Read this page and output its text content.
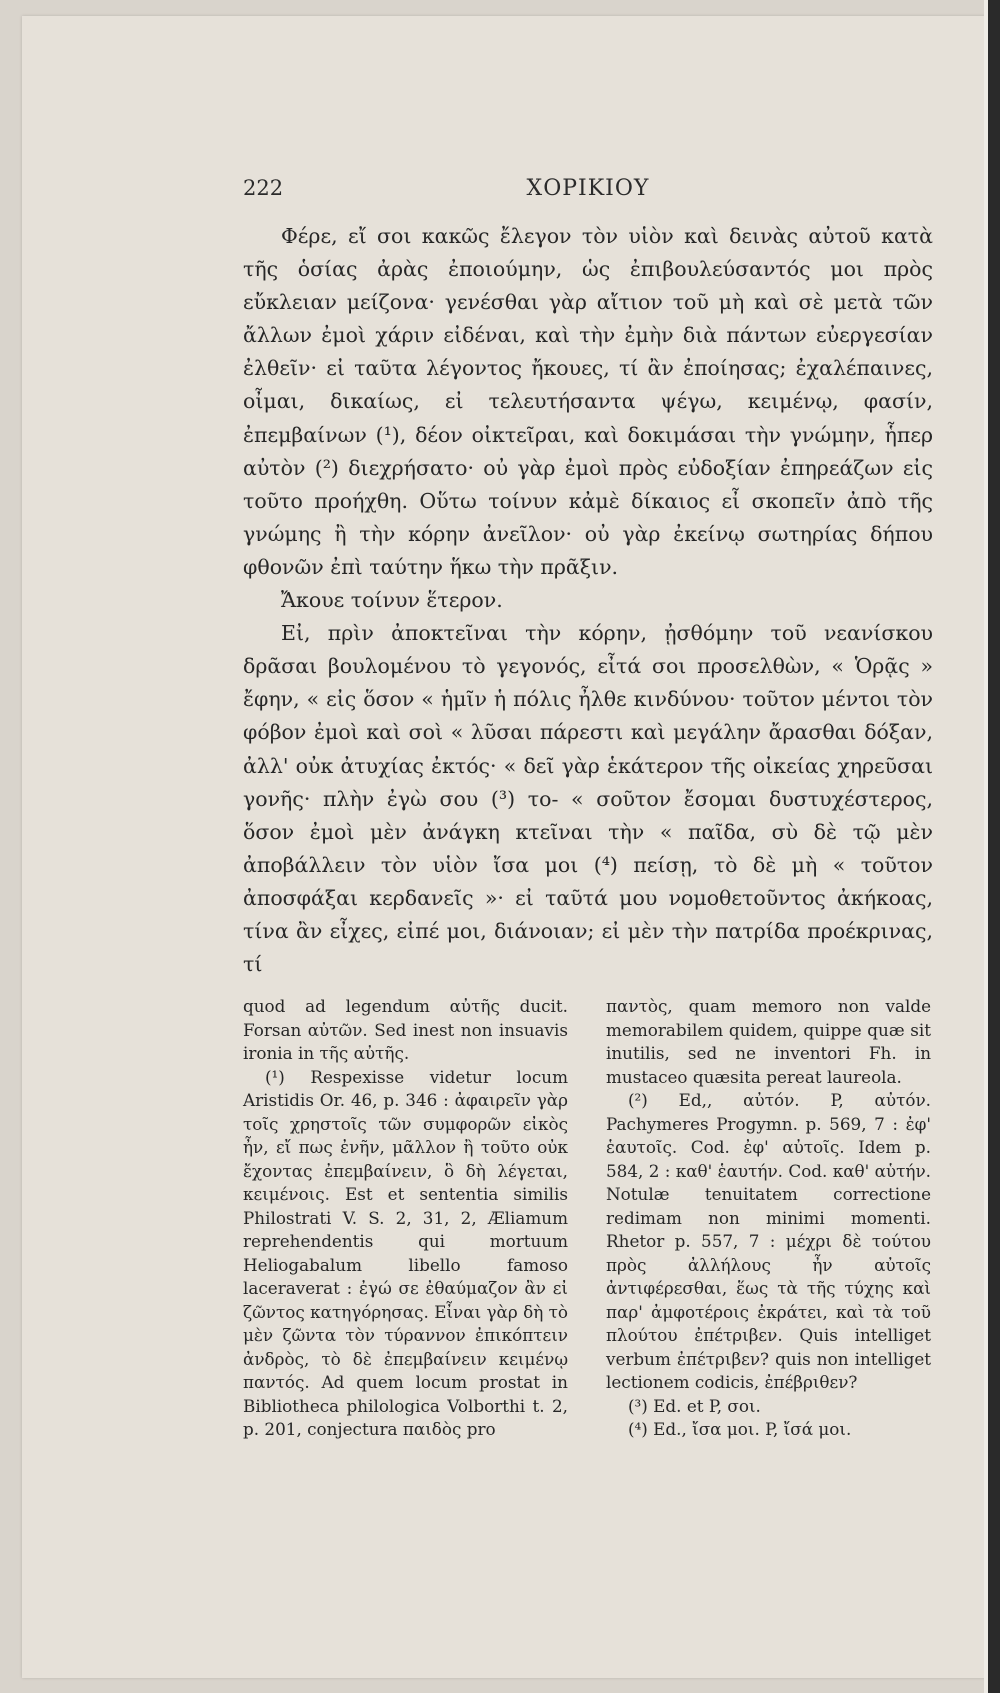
ΧΟΡΙΚΙΟΥ
222

Φέρε, εἴ σοι κακῶς ἔλεγον τὸν υἱὸν καὶ δεινὰς αὐτοῦ κατὰ τῆς ὁσίας ἀρὰς ἐποιούμην, ὡς ἐπιβουλεύσαντός μοι πρὸς εὔκλειαν μείζονα· γενέσθαι γὰρ αἴτιον τοῦ μὴ καὶ σὲ μετὰ τῶν ἄλλων ἐμοὶ χάριν εἰδέναι, καὶ τὴν ἐμὴν διὰ πάντων εὐεργεσίαν ἐλθεῖν· εἰ ταῦτα λέγοντος ἤκουες, τί ἂν ἐποίησας; ἐχαλέπαινες, οἶμαι, δικαίως, εἰ τελευτήσαντα ψέγω, κειμένῳ, φασίν, ἐπεμβαίνων (¹), δέον οἰκτεῖραι, καὶ δοκιμάσαι τὴν γνώμην, ἧπερ αὐτὸν (²) διεχρήσατο· οὐ γὰρ ἐμοὶ πρὸς εὐδοξίαν ἐπηρεάζων εἰς τοῦτο προήχθη. Οὕτω τοίνυν κἀμὲ δίκαιος εἶ σκοπεῖν ἀπὸ τῆς γνώμης ἢ τὴν κόρην ἀνεῖλον· οὐ γὰρ ἐκείνῳ σωτηρίας δήπου φθονῶν ἐπὶ ταύτην ἥκω τὴν πρᾶξιν.

Ἄκουε τοίνυν ἕτερον.

Εἰ, πρὶν ἀποκτεῖναι τὴν κόρην, ᾐσθόμην τοῦ νεανίσκου δρᾶσαι βουλομένου τὸ γεγονός, εἶτά σοι προσελθὼν, « Ὁρᾷς » ἔφην, « εἰς ὅσον « ἡμῖν ἡ πόλις ἦλθε κινδύνου· τοῦτον μέντοι τὸν φόβον ἐμοὶ καὶ σοὶ « λῦσαι πάρεστι καὶ μεγάλην ἄρασθαι δόξαν, ἀλλ' οὐκ ἀτυχίας ἐκτός· « δεῖ γὰρ ἑκάτερον τῆς οἰκείας χηρεῦσαι γονῆς· πλὴν ἐγὼ σου (³) το- « σοῦτον ἔσομαι δυστυχέστερος, ὅσον ἐμοὶ μὲν ἀνάγκη κτεῖναι τὴν « παῖδα, σὺ δὲ τῷ μὲν ἀποβάλλειν τὸν υἱὸν ἴσα μοι (⁴) πείσῃ, τὸ δὲ μὴ « τοῦτον ἀποσφάξαι κερδανεῖς »· εἰ ταῦτά μου νομοθετοῦντος ἀκήκοας, τίνα ἂν εἶχες, εἰπέ μοι, διάνοιαν; εἰ μὲν τὴν πατρίδα προέκρινας, τί

quod ad legendum αὐτῆς ducit. Forsan αὐτῶν. Sed inest non insuavis ironia in τῆς αὐτῆς.

(¹) Respexisse videtur locum Aristidis Or. 46, p. 346 : ἀφαιρεῖν γὰρ τοῖς χρηστοῖς τῶν συμφορῶν εἰκὸς ἦν, εἴ πως ἐνῆν, μᾶλλον ἢ τοῦτο οὐκ ἔχοντας ἐπεμβαίνειν, ὃ δὴ λέγεται, κειμένοις. Est et sententia similis Philostrati V. S. 2, 31, 2, Æliamum reprehendentis qui mortuum Heliogabalum libello famoso laceraverat : ἐγώ σε ἐθαύμαζον ἂν εἰ ζῶντος κατηγόρησας. Εἶναι γὰρ δὴ τὸ μὲν ζῶντα τὸν τύραννον ἐπικόπτειν ἀνδρὸς, τὸ δὲ ἐπεμβαίνειν κειμένῳ παντός. Ad quem locum prostat in Bibliotheca philologica Volborthi t. 2, p. 201, conjectura παιδὸς pro

παντὸς, quam memoro non valde memorabilem quidem, quippe quæ sit inutilis, sed ne inventori Fh. in mustaceo quæsita pereat laureola.

(²) Ed,, αὐτόν. P, αὐτόν. Pachymeres Progymn. p. 569, 7 : ἐφ' ἑαυτοῖς. Cod. ἐφ' αὐτοῖς. Idem p. 584, 2 : καθ' ἑαυτήν. Cod. καθ' αὑτήν. Notulæ tenuitatem correctione redimam non minimi momenti. Rhetor p. 557, 7 : μέχρι δὲ τούτου πρὸς ἀλλήλους ἦν αὐτοῖς ἀντιφέρεσθαι, ἕως τὰ τῆς τύχης καὶ παρ' ἀμφοτέροις ἐκράτει, καὶ τὰ τοῦ πλούτου ἐπέτριβεν. Quis intelliget verbum ἐπέτριβεν? quis non intelliget lectionem codicis, ἐπέβριθεν?

(³) Ed. et P, σοι.

(⁴) Ed., ἴσα μοι. P, ἴσά μοι.
